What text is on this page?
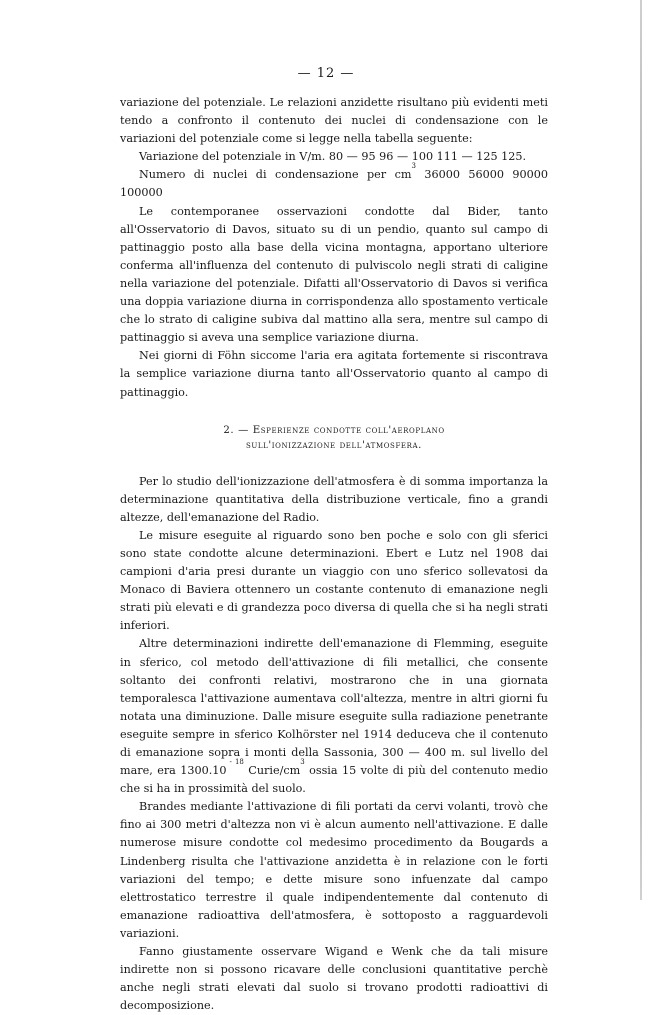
— 12 —

variazione del potenziale. Le relazioni anzidette risultano più evidenti meti tendo a confronto il contenuto dei nuclei di condensazione con le variazioni del potenziale come si legge nella tabella seguente:

Variazione del potenziale in V/m. 80 — 95 96 — 100 111 — 125 125.
Numero di nuclei di condensazione per $cm^3$ 36000 56000 90000 100000

Le contemporanee osservazioni condotte dal Bider, tanto all'Osservatorio di Davos, situato su di un pendio, quanto sul campo di pattinaggio posto alla base della vicina montagna, apportano ulteriore conferma all'influenza del contenuto di pulviscolo negli strati di caligine nella variazione del potenziale. Difatti all'Osservatorio di Davos si verifica una doppia variazione diurna in corrispondenza allo spostamento verticale che lo strato di caligine subiva dal mattino alla sera, mentre sul campo di pattinaggio si aveva una semplice variazione diurna.

Nei giorni di Föhn siccome l'aria era agitata fortemente si riscontrava la semplice variazione diurna tanto all'Osservatorio quanto al campo di pattinaggio.

2. — Esperienze condotte coll'aeroplano
sull'ionizzazione dell'atmosfera.

Per lo studio dell'ionizzazione dell'atmosfera è di somma importanza la determinazione quantitativa della distribuzione verticale, fino a grandi altezze, dell'emanazione del Radio.

Le misure eseguite al riguardo sono ben poche e solo con gli sferici sono state condotte alcune determinazioni. Ebert e Lutz nel 1908 dai campioni d'aria presi durante un viaggio con uno sferico sollevatosi da Monaco di Baviera ottennero un costante contenuto di emanazione negli strati più elevati e di grandezza poco diversa di quella che si ha negli strati inferiori.

Altre determinazioni indirette dell'emanazione di Flemming, eseguite in sferico, col metodo dell'attivazione di fili metallici, che consente soltanto dei confronti relativi, mostrarono che in una giornata temporalesca l'attivazione aumentava coll'altezza, mentre in altri giorni fu notata una diminuzione. Dalle misure eseguite sulla radiazione penetrante eseguite sempre in sferico Kolhörster nel 1914 deduceva che il contenuto di emanazione sopra i monti della Sassonia, 300 — 400 m. sul livello del mare, era 1300.10 $^{- 18}$ Curie/$cm^3$ ossia 15 volte di più del contenuto medio che si ha in prossimità del suolo.

Brandes mediante l'attivazione di fili portati da cervi volanti, trovò che fino ai 300 metri d'altezza non vi è alcun aumento nell'attivazione. E dalle numerose misure condotte col medesimo procedimento da Bougards a Lindenberg risulta che l'attivazione anzidetta è in relazione con le forti variazioni del tempo; e dette misure sono infuenzate dal campo elettrostatico terrestre il quale indipendentemente dal contenuto di emanazione radioattiva dell'atmosfera, è sottoposto a ragguardevoli variazioni.

Fanno giustamente osservare Wigand e Wenk che da tali misure indirette non si possono ricavare delle conclusioni quantitative perchè anche negli strati elevati dal suolo si trovano prodotti radioattivi di decomposizione.
